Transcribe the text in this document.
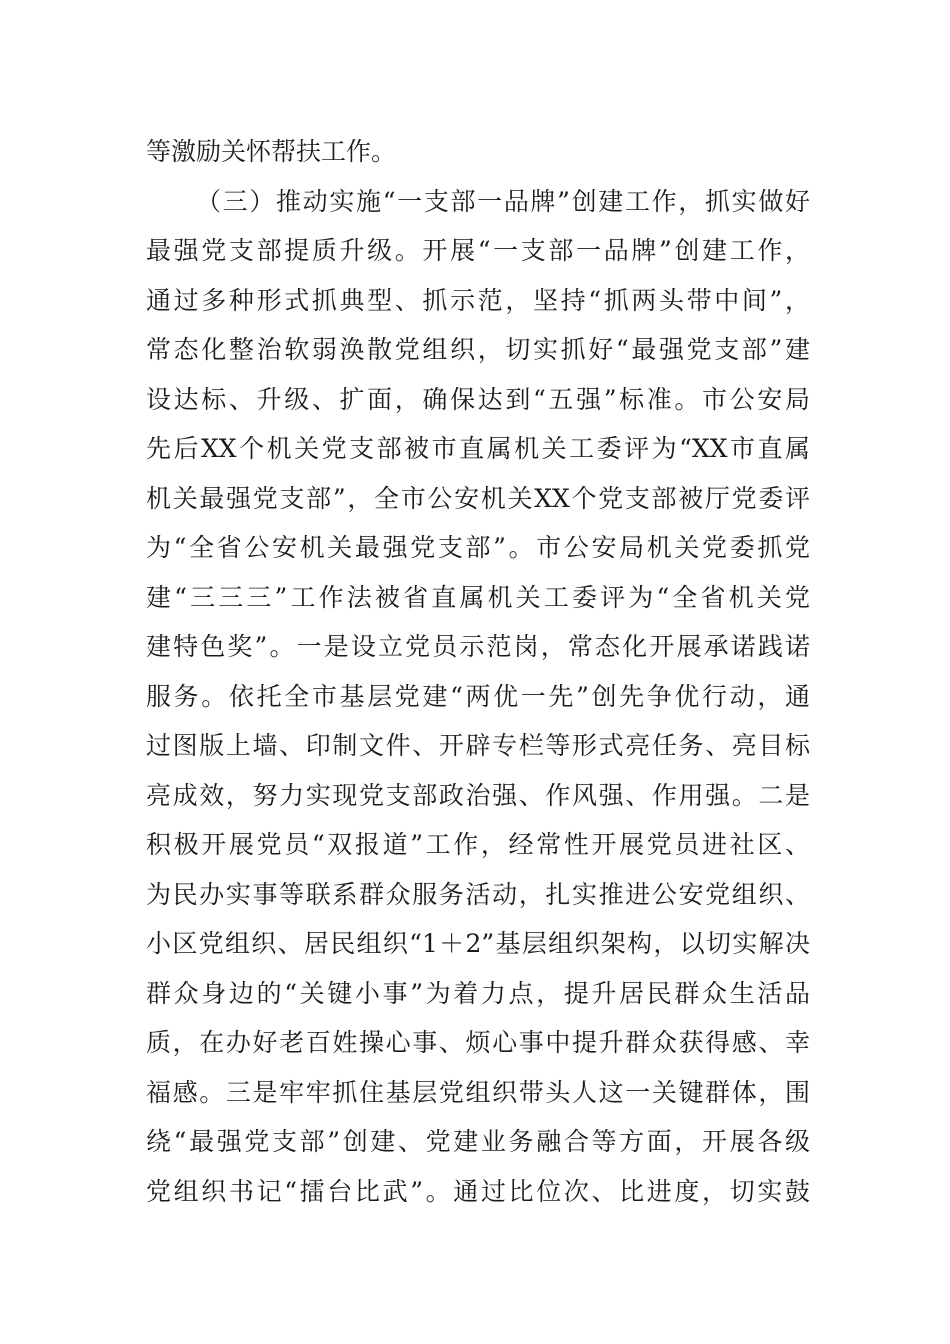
等激励关怀帮扶工作。
（三）推动实施“一支部一品牌”创建工作，抓实做好
最强党支部提质升级。开展“一支部一品牌”创建工作，
通过多种形式抓典型、抓示范，坚持“抓两头带中间”，
常态化整治软弱涣散党组织，切实抓好“最强党支部”建
设达标、升级、扩面，确保达到“五强”标准。市公安局
先后XX个机关党支部被市直属机关工委评为“XX市直属
机关最强党支部”，全市公安机关XX个党支部被厅党委评
为“全省公安机关最强党支部”。市公安局机关党委抓党
建“三三三”工作法被省直属机关工委评为“全省机关党
建特色奖”。一是设立党员示范岗，常态化开展承诺践诺
服务。依托全市基层党建“两优一先”创先争优行动，通
过图版上墙、印制文件、开辟专栏等形式亮任务、亮目标
亮成效，努力实现党支部政治强、作风强、作用强。二是
积极开展党员“双报道”工作，经常性开展党员进社区、
为民办实事等联系群众服务活动，扎实推进公安党组织、
小区党组织、居民组织“1＋2”基层组织架构，以切实解决
群众身边的“关键小事”为着力点，提升居民群众生活品
质，在办好老百姓操心事、烦心事中提升群众获得感、幸
福感。三是牢牢抓住基层党组织带头人这一关键群体，围
绕“最强党支部”创建、党建业务融合等方面，开展各级
党组织书记“擂台比武”。通过比位次、比进度，切实鼓
